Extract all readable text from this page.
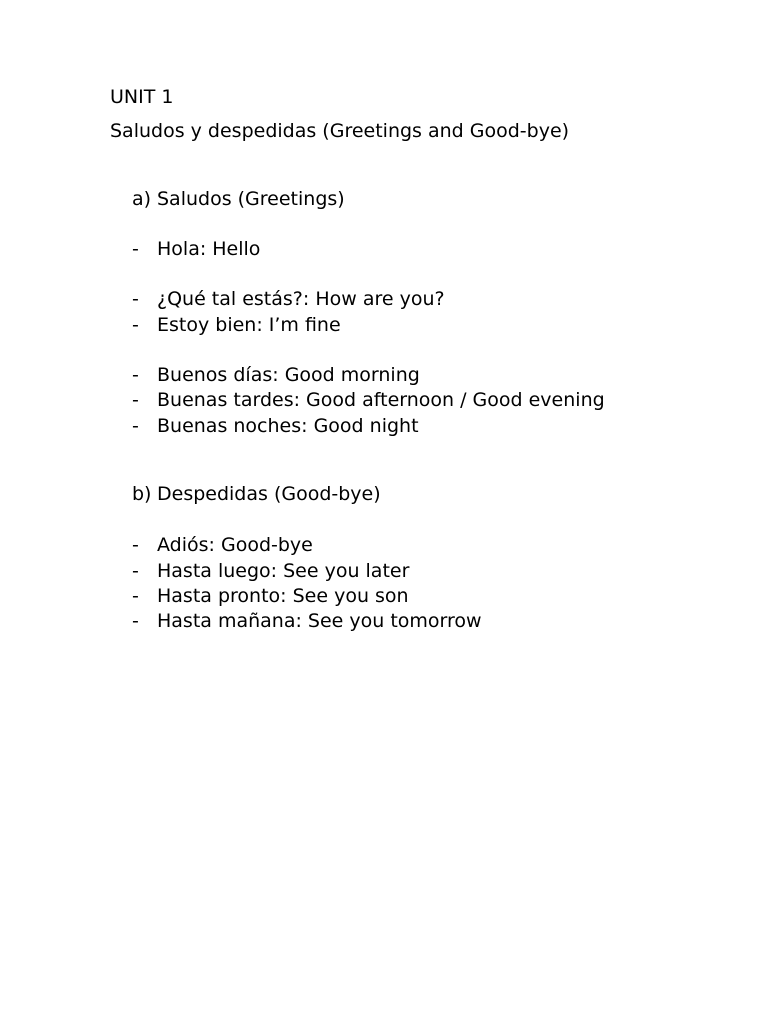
UNIT 1
Saludos y despedidas (Greetings and Good-bye)
a) Saludos (Greetings)
- Hola: Hello
- ¿Qué tal estás?: How are you?
- Estoy bien: I’m fine
- Buenos días: Good morning
- Buenas tardes: Good afternoon / Good evening
- Buenas noches: Good night
b) Despedidas (Good-bye)
- Adiós: Good-bye
- Hasta luego: See you later
- Hasta pronto: See you son
- Hasta mañana: See you tomorrow
